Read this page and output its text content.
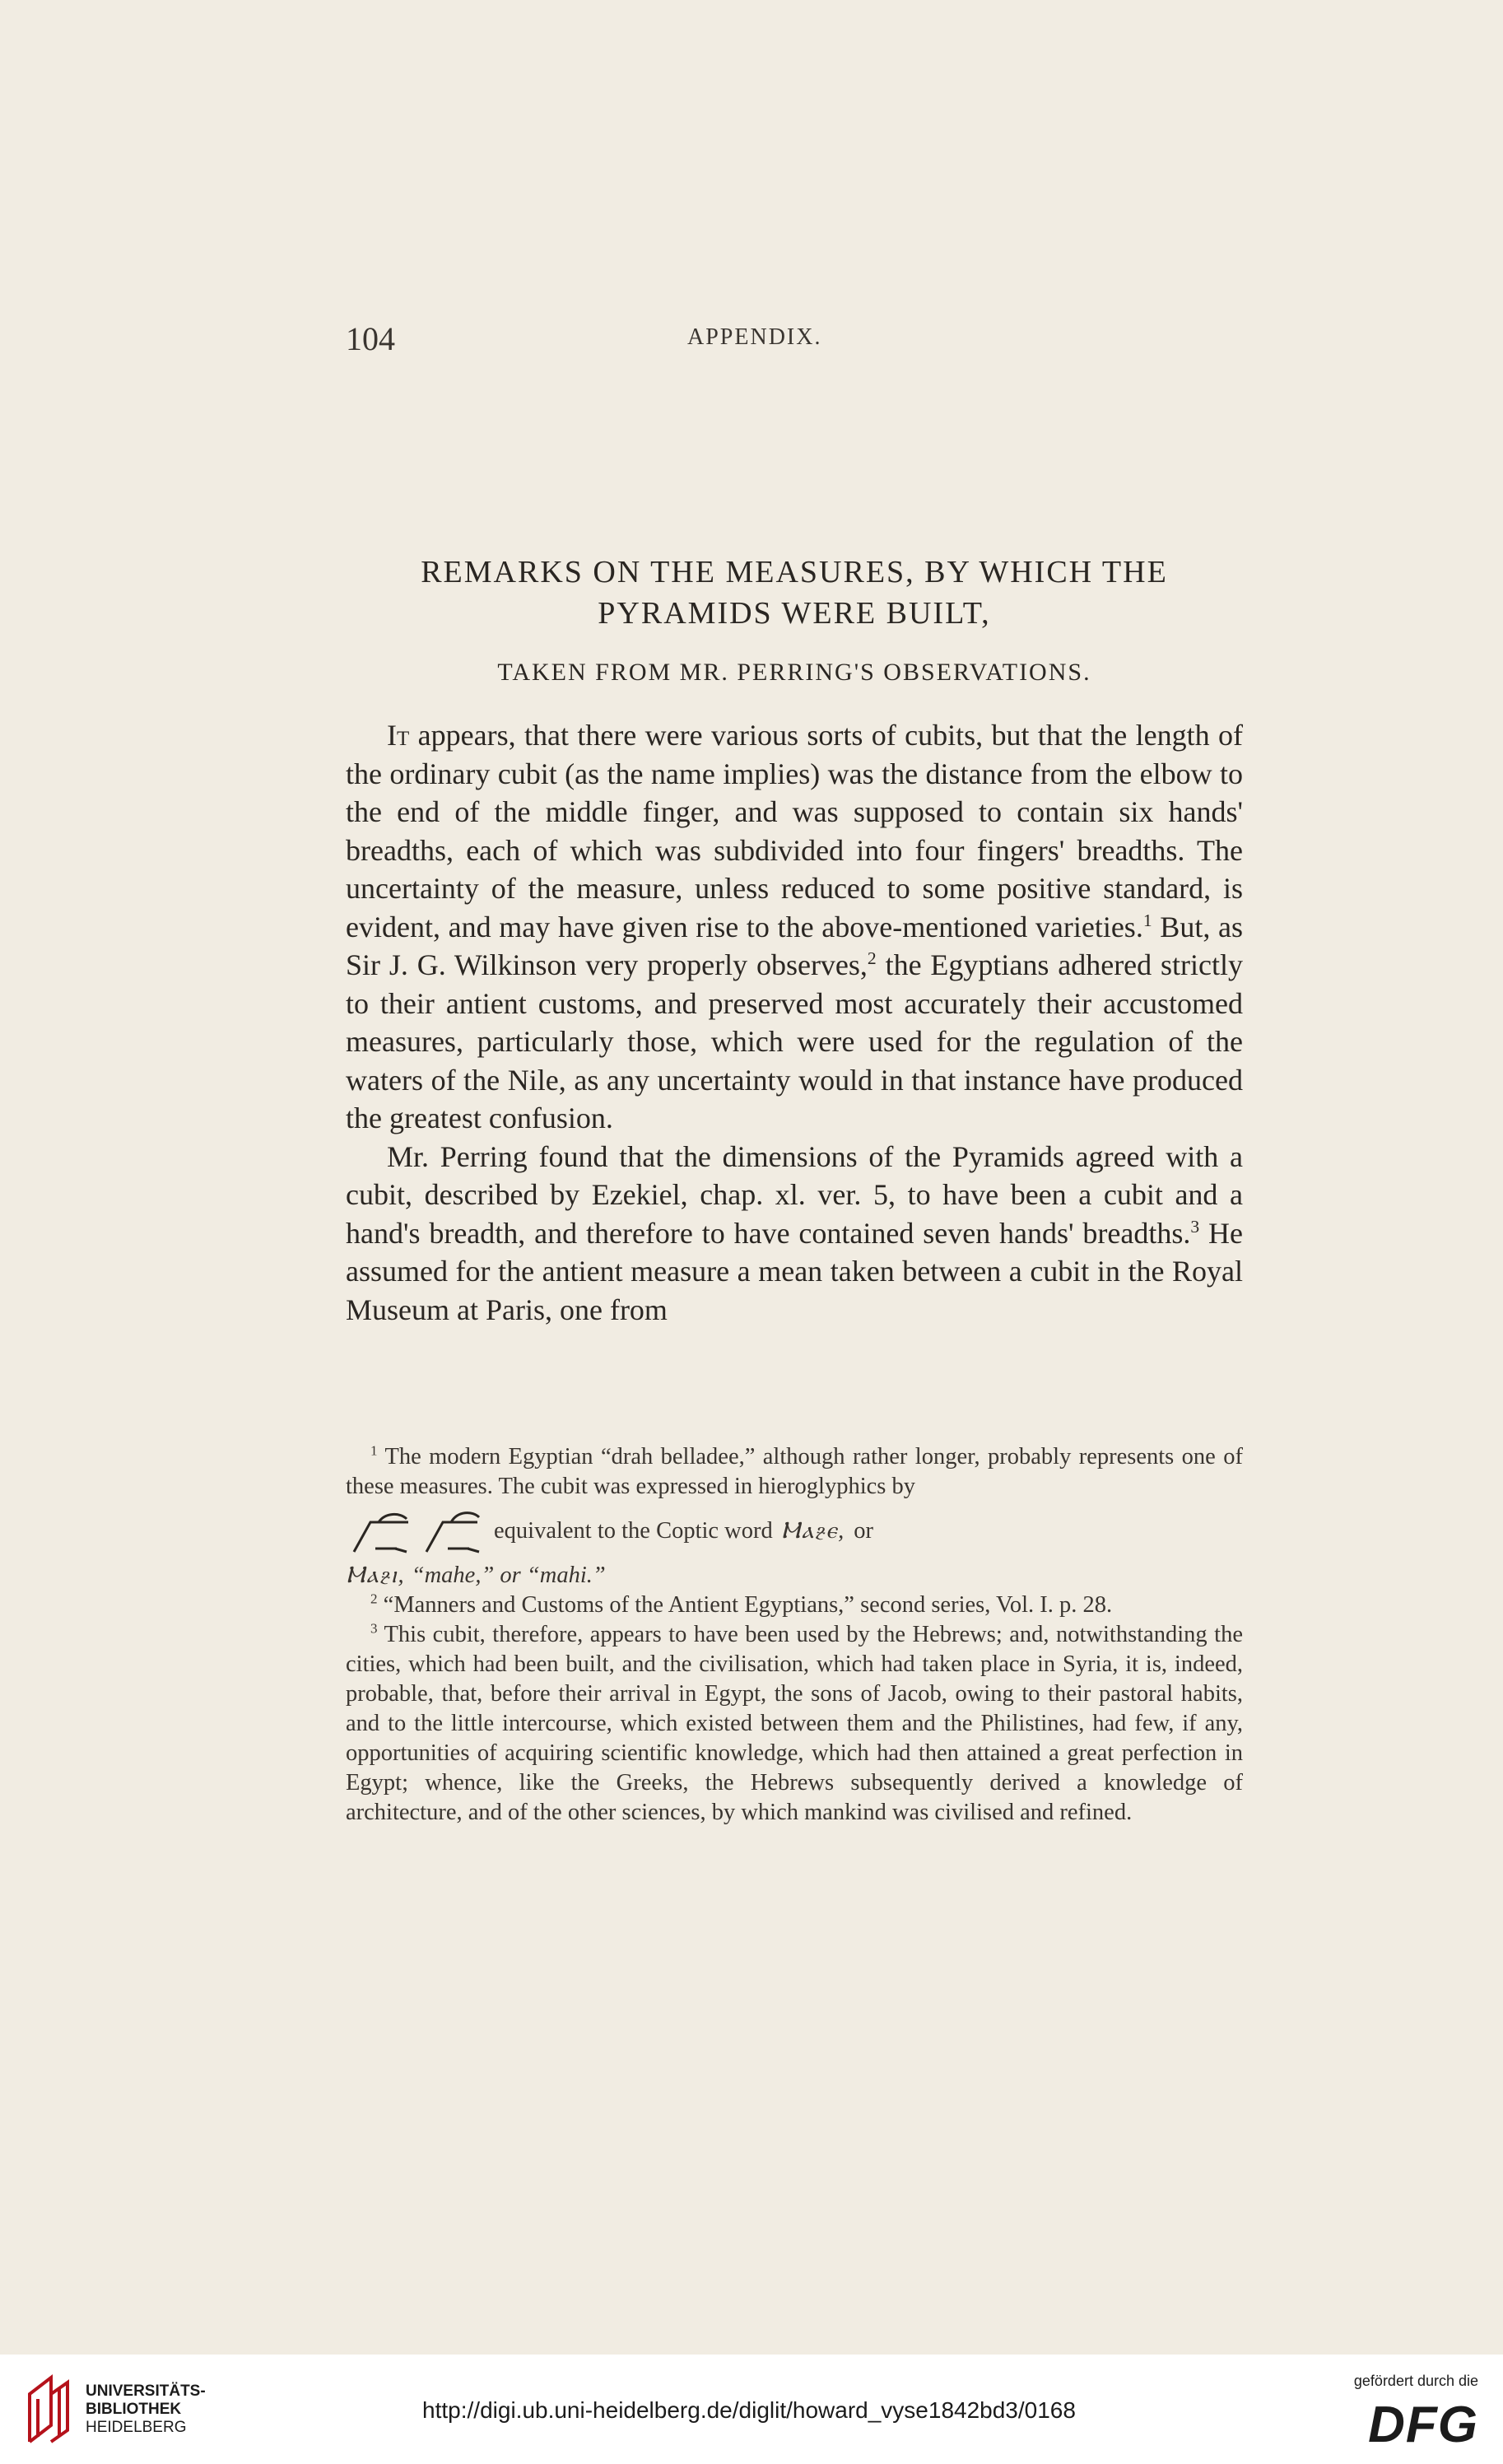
104	APPENDIX.
REMARKS ON THE MEASURES, BY WHICH THE
PYRAMIDS WERE BUILT,
TAKEN FROM MR. PERRING'S OBSERVATIONS.

It appears, that there were various sorts of cubits, but that the length of the ordinary cubit (as the name implies) was the distance from the elbow to the end of the middle finger, and was supposed to contain six hands' breadths, each of which was subdivided into four fingers' breadths. The uncertainty of the measure, unless reduced to some positive standard, is evident, and may have given rise to the above-mentioned varieties.$^1$ But, as Sir J. G. Wilkinson very properly observes,$^2$ the Egyptians adhered strictly to their antient customs, and preserved most accurately their accustomed measures, particularly those, which were used for the regulation of the waters of the Nile, as any uncertainty would in that instance have produced the greatest confusion.

Mr. Perring found that the dimensions of the Pyramids agreed with a cubit, described by Ezekiel, chap. xl. ver. 5, to have been a cubit and a hand's breadth, and therefore to have contained seven hands' breadths.$^3$ He assumed for the antient measure a mean taken between a cubit in the Royal Museum at Paris, one from

$^1$ The modern Egyptian “drah belladee,” although rather longer, probably represents one of these measures. The cubit was expressed in hieroglyphics by

equivalent to the Coptic word Ⲙⲁⳉⲉ, or

Ⲙⲁⳉⲓ, “mahe,” or “mahi.”

$^2$ “Manners and Customs of the Antient Egyptians,” second series, Vol. I. p. 28.

$^3$ This cubit, therefore, appears to have been used by the Hebrews; and, notwithstanding the cities, which had been built, and the civilisation, which had taken place in Syria, it is, indeed, probable, that, before their arrival in Egypt, the sons of Jacob, owing to their pastoral habits, and to the little intercourse, which existed between them and the Philistines, had few, if any, opportunities of acquiring scientific knowledge, which had then attained a great perfection in Egypt; whence, like the Greeks, the Hebrews subsequently derived a knowledge of architecture, and of the other sciences, by which mankind was civilised and refined.

UNIVERSITÄTS-
BIBLIOTHEK
HEIDELBERG
http://digi.ub.uni-heidelberg.de/diglit/howard_vyse1842bd3/0168
gefördert durch die
DFG
